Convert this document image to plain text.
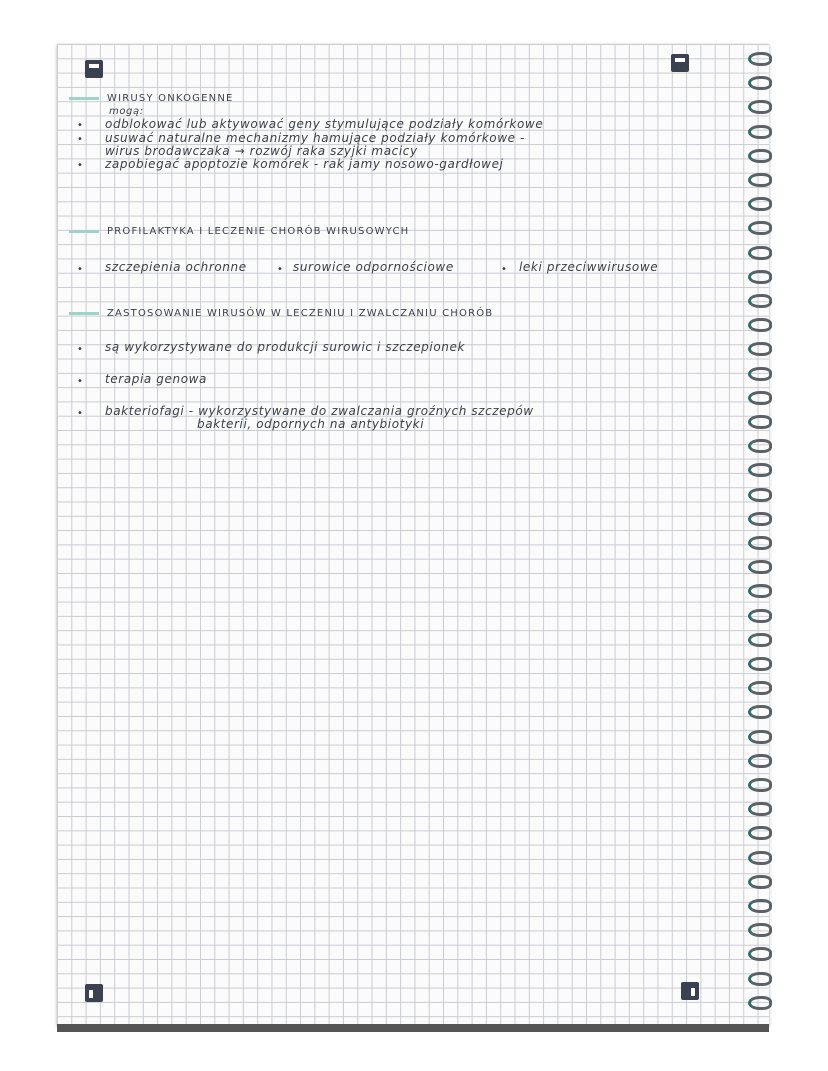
WIRUSY ONKOGENNE
mogą:
• odblokować lub aktywować geny stymulujące podziały komórkowe
• usuwać naturalne mechanizmy hamujące podziały komórkowe -
wirus brodawczaka → rozwój raka szyjki macicy
• zapobiegać apoptozie komórek - rak jamy nosowo-gardłowej
PROFILAKTYKA I LECZENIE CHORÓB WIRUSOWYCH
• szczepienia ochronne	• surowice odpornościowe	• leki przeciwwirusowe
ZASTOSOWANIE WIRUSÓW W LECZENIU I ZWALCZANIU CHORÓB
• są wykorzystywane do produkcji surowic i szczepionek
• terapia genowa
• bakteriofagi - wykorzystywane do zwalczania groźnych szczepów
bakterii, odpornych na antybiotyki
